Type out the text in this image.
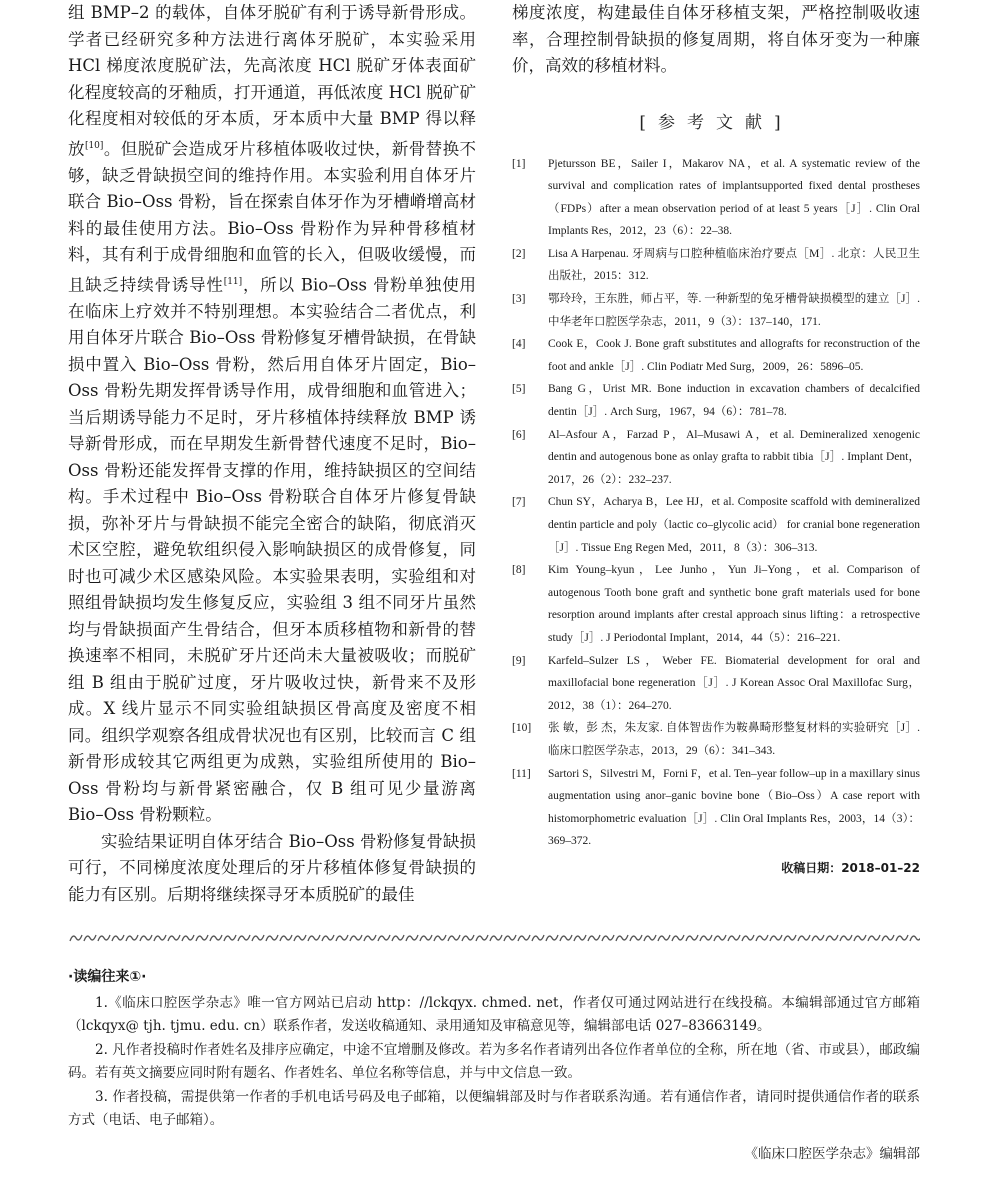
组 BMP–2 的载体，自体牙脱矿有利于诱导新骨形成。学者已经研究多种方法进行离体牙脱矿，本实验采用 HCl 梯度浓度脱矿法，先高浓度 HCl 脱矿牙体表面矿化程度较高的牙釉质，打开通道，再低浓度 HCl 脱矿矿化程度相对较低的牙本质，牙本质中大量 BMP 得以释放[10]。但脱矿会造成牙片移植体吸收过快，新骨替换不够，缺乏骨缺损空间的维持作用。本实验利用自体牙片联合 Bio–Oss 骨粉，旨在探索自体牙作为牙槽嵴增高材料的最佳使用方法。Bio–Oss 骨粉作为异种骨移植材料，其有利于成骨细胞和血管的长入，但吸收缓慢，而且缺乏持续骨诱导性[11]，所以 Bio–Oss 骨粉单独使用在临床上疗效并不特别理想。本实验结合二者优点，利用自体牙片联合 Bio–Oss 骨粉修复牙槽骨缺损，在骨缺损中置入 Bio–Oss 骨粉，然后用自体牙片固定，Bio–Oss 骨粉先期发挥骨诱导作用，成骨细胞和血管进入；当后期诱导能力不足时，牙片移植体持续释放 BMP 诱导新骨形成，而在早期发生新骨替代速度不足时，Bio–Oss 骨粉还能发挥骨支撑的作用，维持缺损区的空间结构。手术过程中 Bio–Oss 骨粉联合自体牙片修复骨缺损，弥补牙片与骨缺损不能完全密合的缺陷，彻底消灭术区空腔，避免软组织侵入影响缺损区的成骨修复，同时也可减少术区感染风险。本实验果表明，实验组和对照组骨缺损均发生修复反应，实验组 3 组不同牙片虽然均与骨缺损面产生骨结合，但牙本质移植物和新骨的替换速率不相同，未脱矿牙片还尚未大量被吸收；而脱矿组 B 组由于脱矿过度，牙片吸收过快，新骨来不及形成。X 线片显示不同实验组缺损区骨高度及密度不相同。组织学观察各组成骨状况也有区别，比较而言 C 组新骨形成较其它两组更为成熟，实验组所使用的 Bio–Oss 骨粉均与新骨紧密融合，仅 B 组可见少量游离 Bio–Oss 骨粉颗粒。

实验结果证明自体牙结合 Bio–Oss 骨粉修复骨缺损可行，不同梯度浓度处理后的牙片移植体修复骨缺损的能力有区别。后期将继续探寻牙本质脱矿的最佳

梯度浓度，构建最佳自体牙移植支架，严格控制吸收速率，合理控制骨缺损的修复周期，将自体牙变为一种廉价，高效的移植材料。

[参考文献]
[1]	Pjetursson BE，Sailer I，Makarov NA，et al. A systematic review of the survival and complication rates of implantsupported fixed dental prostheses（FDPs）after a mean observation period of at least 5 years［J］. Clin Oral Implants Res，2012，23（6）：22–38.
[2]	Lisa A Harpenau. 牙周病与口腔种植临床治疗要点［M］. 北京：人民卫生出版社，2015：312.
[3]	鄂玲玲，王东胜，师占平，等. 一种新型的兔牙槽骨缺损模型的建立［J］. 中华老年口腔医学杂志，2011，9（3）：137–140，171.
[4]	Cook E，Cook J. Bone graft substitutes and allografts for reconstruction of the foot and ankle［J］. Clin Podiatr Med Surg，2009，26：5896–05.
[5]	Bang G，Urist MR. Bone induction in excavation chambers of decalcified dentin［J］. Arch Surg，1967，94（6）：781–78.
[6]	Al–Asfour A，Farzad P，Al–Musawi A，et al. Demineralized xenogenic dentin and autogenous bone as onlay grafta to rabbit tibia［J］. Implant Dent，2017，26（2）：232–237.
[7]	Chun SY，Acharya B，Lee HJ，et al. Composite scaffold with demineralized dentin particle and poly（lactic co–glycolic acid） for cranial bone regeneration［J］. Tissue Eng Regen Med，2011，8（3）：306–313.
[8]	Kim Young–kyun，Lee Junho，Yun Ji–Yong，et al. Comparison of autogenous Tooth bone graft and synthetic bone graft materials used for bone resorption around implants after crestal approach sinus lifting：a retrospective study［J］. J Periodontal Implant，2014，44（5）：216–221.
[9]	Karfeld–Sulzer LS，Weber FE. Biomaterial development for oral and maxillofacial bone regeneration［J］. J Korean Assoc Oral Maxillofac Surg，2012，38（1）：264–270.
[10]	张 敏，彭 杰，朱友家. 自体智齿作为鞍鼻畸形整复材料的实验研究［J］. 临床口腔医学杂志，2013，29（6）：341–343.
[11]	Sartori S，Silvestri M，Forni F，et al. Ten–year follow–up in a maxillary sinus augmentation using anor–ganic bovine bone（Bio–Oss）A case report with histomorphometric evaluation［J］. Clin Oral Implants Res，2003，14（3）：369–372.
收稿日期：2018–01–22
·读编往来①·

1.《临床口腔医学杂志》唯一官方网站已启动 http：//lckqyx. chmed. net，作者仅可通过网站进行在线投稿。本编辑部通过官方邮箱（lckqyx@ tjh. tjmu. edu. cn）联系作者，发送收稿通知、录用通知及审稿意见等，编辑部电话 027–83663149。

2. 凡作者投稿时作者姓名及排序应确定，中途不宜增删及修改。若为多名作者请列出各位作者单位的全称，所在地（省、市或县），邮政编码。若有英文摘要应同时附有题名、作者姓名、单位名称等信息，并与中文信息一致。

3. 作者投稿，需提供第一作者的手机电话号码及电子邮箱，以便编辑部及时与作者联系沟通。若有通信作者，请同时提供通信作者的联系方式（电话、电子邮箱）。

《临床口腔医学杂志》编辑部
